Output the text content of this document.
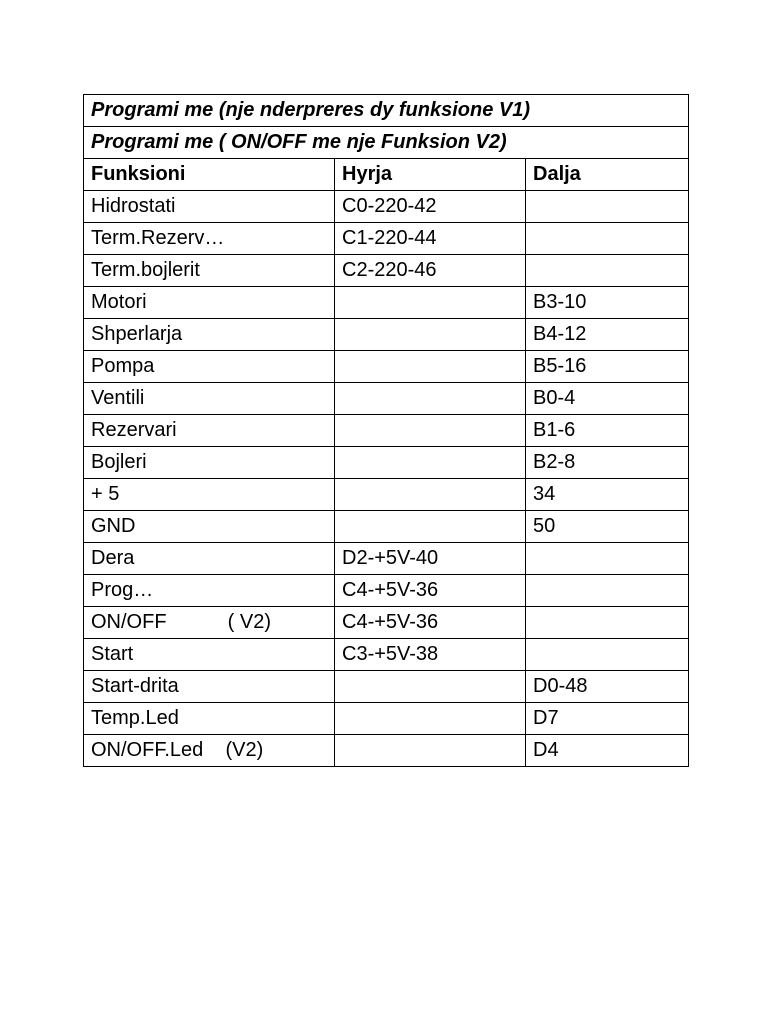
Programi me (nje nderpreres dy funksione V1)		
Programi me ( ON/OFF me nje Funksion V2)		
Funksioni	Hyrja	Dalja
Hidrostati	C0-220-42	
Term.Rezerv…	C1-220-44	
Term.bojlerit	C2-220-46	
Motori		B3-10
Shperlarja		B4-12
Pompa		B5-16
Ventili		B0-4
Rezervari		B1-6
Bojleri		B2-8
+ 5		34
GND		50
Dera	D2-+5V-40	
Prog…	C4-+5V-36	
ON/OFF           ( V2)	C4-+5V-36	
Start	C3-+5V-38	
Start-drita		D0-48
Temp.Led		D7
ON/OFF.Led    (V2)		D4
